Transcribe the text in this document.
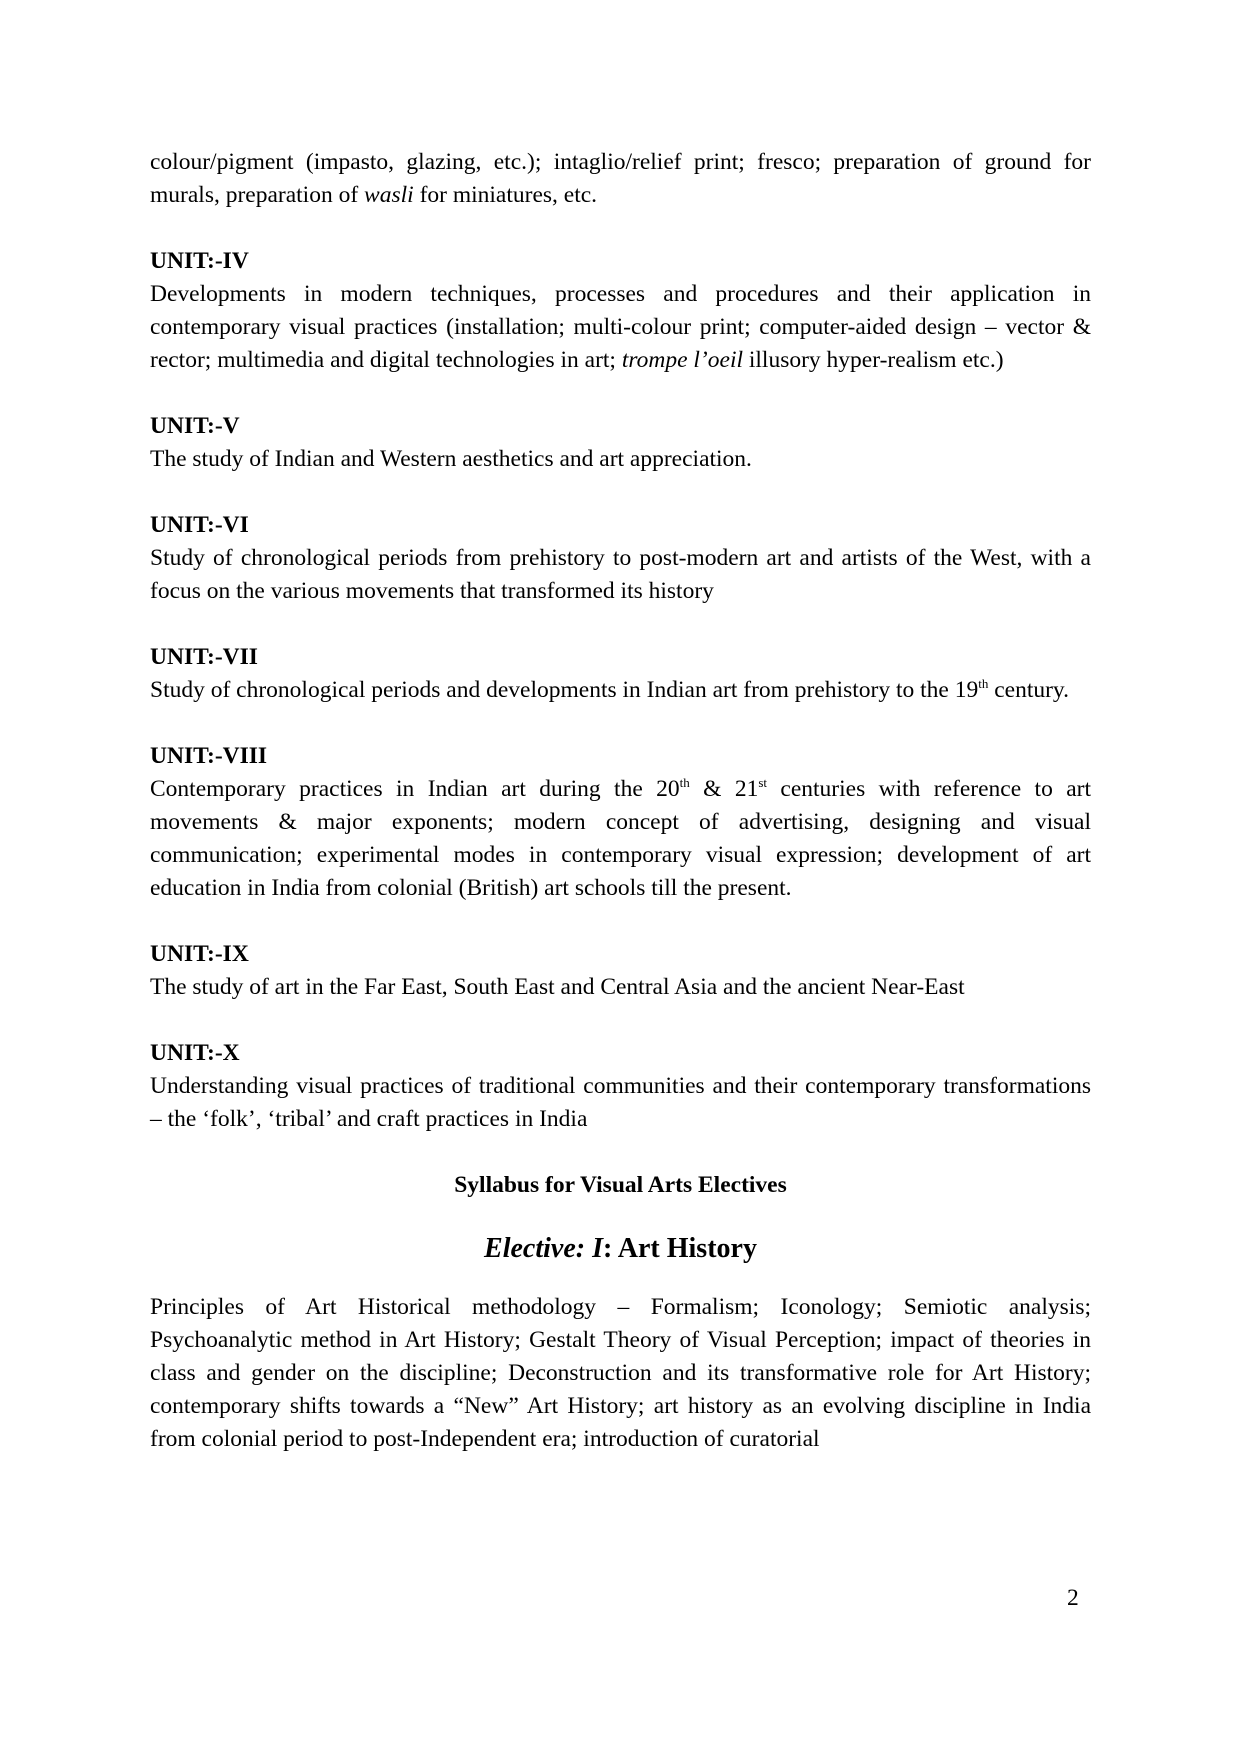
colour/pigment (impasto, glazing, etc.); intaglio/relief print; fresco; preparation of ground for murals, preparation of wasli for miniatures, etc.

UNIT:-IV

Developments in modern techniques, processes and procedures and their application in contemporary visual practices (installation; multi-colour print; computer-aided design – vector & rector; multimedia and digital technologies in art; trompe l’oeil illusory hyper-realism etc.)

UNIT:-V

The study of Indian and Western aesthetics and art appreciation.

UNIT:-VI

Study of chronological periods from prehistory to post-modern art and artists of the West, with a focus on the various movements that transformed its history

UNIT:-VII

Study of chronological periods and developments in Indian art from prehistory to the 19th century.

UNIT:-VIII

Contemporary practices in Indian art during the 20th & 21st centuries with reference to art movements & major exponents; modern concept of advertising, designing and visual communication; experimental modes in contemporary visual expression; development of art education in India from colonial (British) art schools till the present.

UNIT:-IX

The study of art in the Far East, South East and Central Asia and the ancient Near-East

UNIT:-X

Understanding visual practices of traditional communities and their contemporary transformations – the ‘folk’, ‘tribal’ and craft practices in India

Syllabus for Visual Arts Electives
Elective: I: Art History

Principles of Art Historical methodology – Formalism; Iconology; Semiotic analysis; Psychoanalytic method in Art History; Gestalt Theory of Visual Perception; impact of theories in class and gender on the discipline; Deconstruction and its transformative role for Art History; contemporary shifts towards a “New” Art History; art history as an evolving discipline in India from colonial period to post-Independent era; introduction of curatorial

2
